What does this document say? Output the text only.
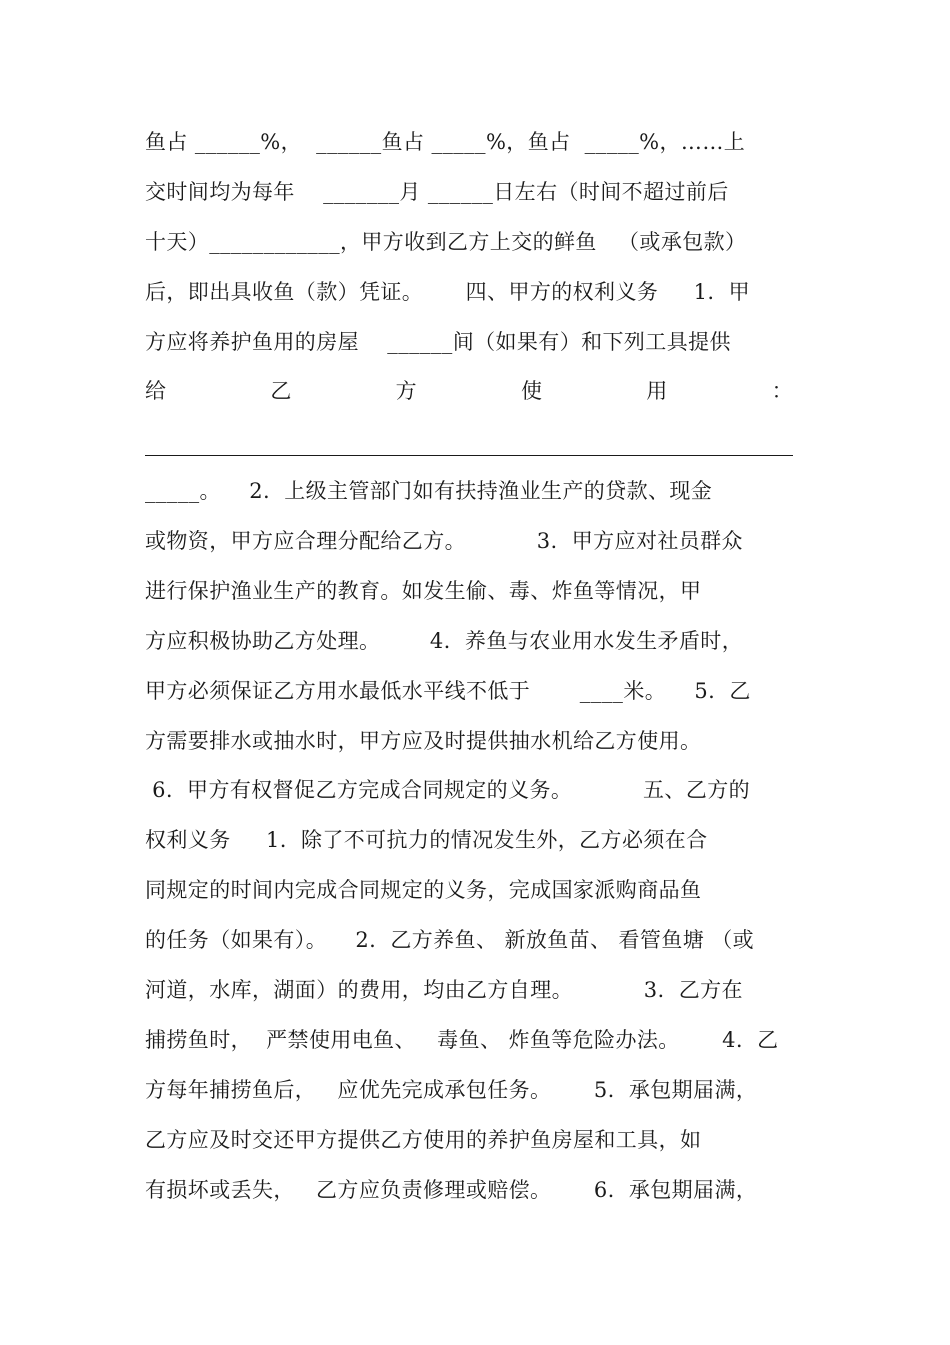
鱼占 ______%，  ______鱼占 _____%，鱼占  _____%，……上
交时间均为每年    _______月 ______日左右（时间不超过前后
十天）____________，甲方收到乙方上交的鲜鱼   （或承包款）
后，即出具收鱼（款）凭证。      四、甲方的权利义务     1.  甲
方应将养护鱼用的房屋    ______间（如果有）和下列工具提供
给	乙	方	使	用	：
_____。    2.  上级主管部门如有扶持渔业生产的贷款、现金
或物资，甲方应合理分配给乙方。          3.  甲方应对社员群众
进行保护渔业生产的教育。如发生偷、毒、炸鱼等情况，甲
方应积极协助乙方处理。       4.  养鱼与农业用水发生矛盾时，
甲方必须保证乙方用水最低水平线不低于       ____米。    5.  乙
方需要排水或抽水时，甲方应及时提供抽水机给乙方使用。
6.  甲方有权督促乙方完成合同规定的义务。          五、乙方的
权利义务     1.  除了不可抗力的情况发生外，乙方必须在合
同规定的时间内完成合同规定的义务，完成国家派购商品鱼
的任务（如果有）。    2.  乙方养鱼、 新放鱼苗、 看管鱼塘 （或
河道，水库，湖面）的费用，均由乙方自理。          3.  乙方在
捕捞鱼时，  严禁使用电鱼、   毒鱼、 炸鱼等危险办法。      4.  乙
方每年捕捞鱼后，   应优先完成承包任务。      5.  承包期届满，
乙方应及时交还甲方提供乙方使用的养护鱼房屋和工具，如
有损坏或丢失，   乙方应负责修理或赔偿。      6.  承包期届满，
